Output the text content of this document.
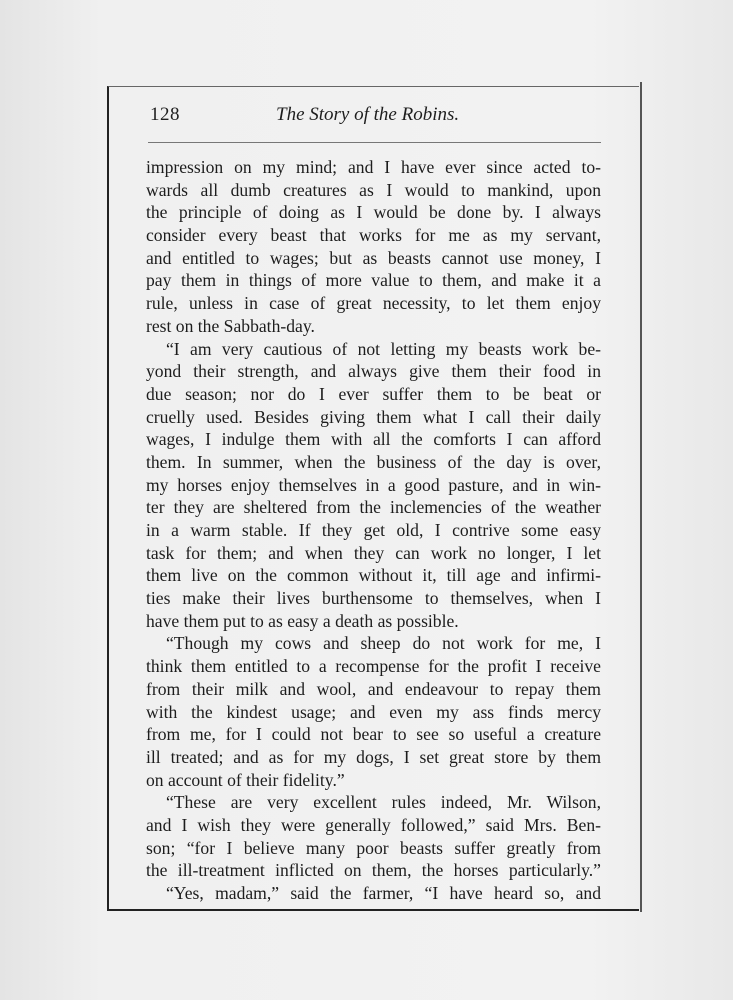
128	The Story of the Robins.
impression on my mind; and I have ever since acted to-
wards all dumb creatures as I would to mankind, upon
the principle of doing as I would be done by. I always
consider every beast that works for me as my servant,
and entitled to wages; but as beasts cannot use money, I
pay them in things of more value to them, and make it a
rule, unless in case of great necessity, to let them enjoy
rest on the Sabbath-day.
“I am very cautious of not letting my beasts work be-
yond their strength, and always give them their food in
due season; nor do I ever suffer them to be beat or
cruelly used. Besides giving them what I call their daily
wages, I indulge them with all the comforts I can afford
them. In summer, when the business of the day is over,
my horses enjoy themselves in a good pasture, and in win-
ter they are sheltered from the inclemencies of the weather
in a warm stable. If they get old, I contrive some easy
task for them; and when they can work no longer, I let
them live on the common without it, till age and infirmi-
ties make their lives burthensome to themselves, when I
have them put to as easy a death as possible.
“Though my cows and sheep do not work for me, I
think them entitled to a recompense for the profit I receive
from their milk and wool, and endeavour to repay them
with the kindest usage; and even my ass finds mercy
from me, for I could not bear to see so useful a creature
ill treated; and as for my dogs, I set great store by them
on account of their fidelity.”
“These are very excellent rules indeed, Mr. Wilson,
and I wish they were generally followed,” said Mrs. Ben-
son; “for I believe many poor beasts suffer greatly from
the ill-treatment inflicted on them, the horses particularly.”
“Yes, madam,” said the farmer, “I have heard so, and
